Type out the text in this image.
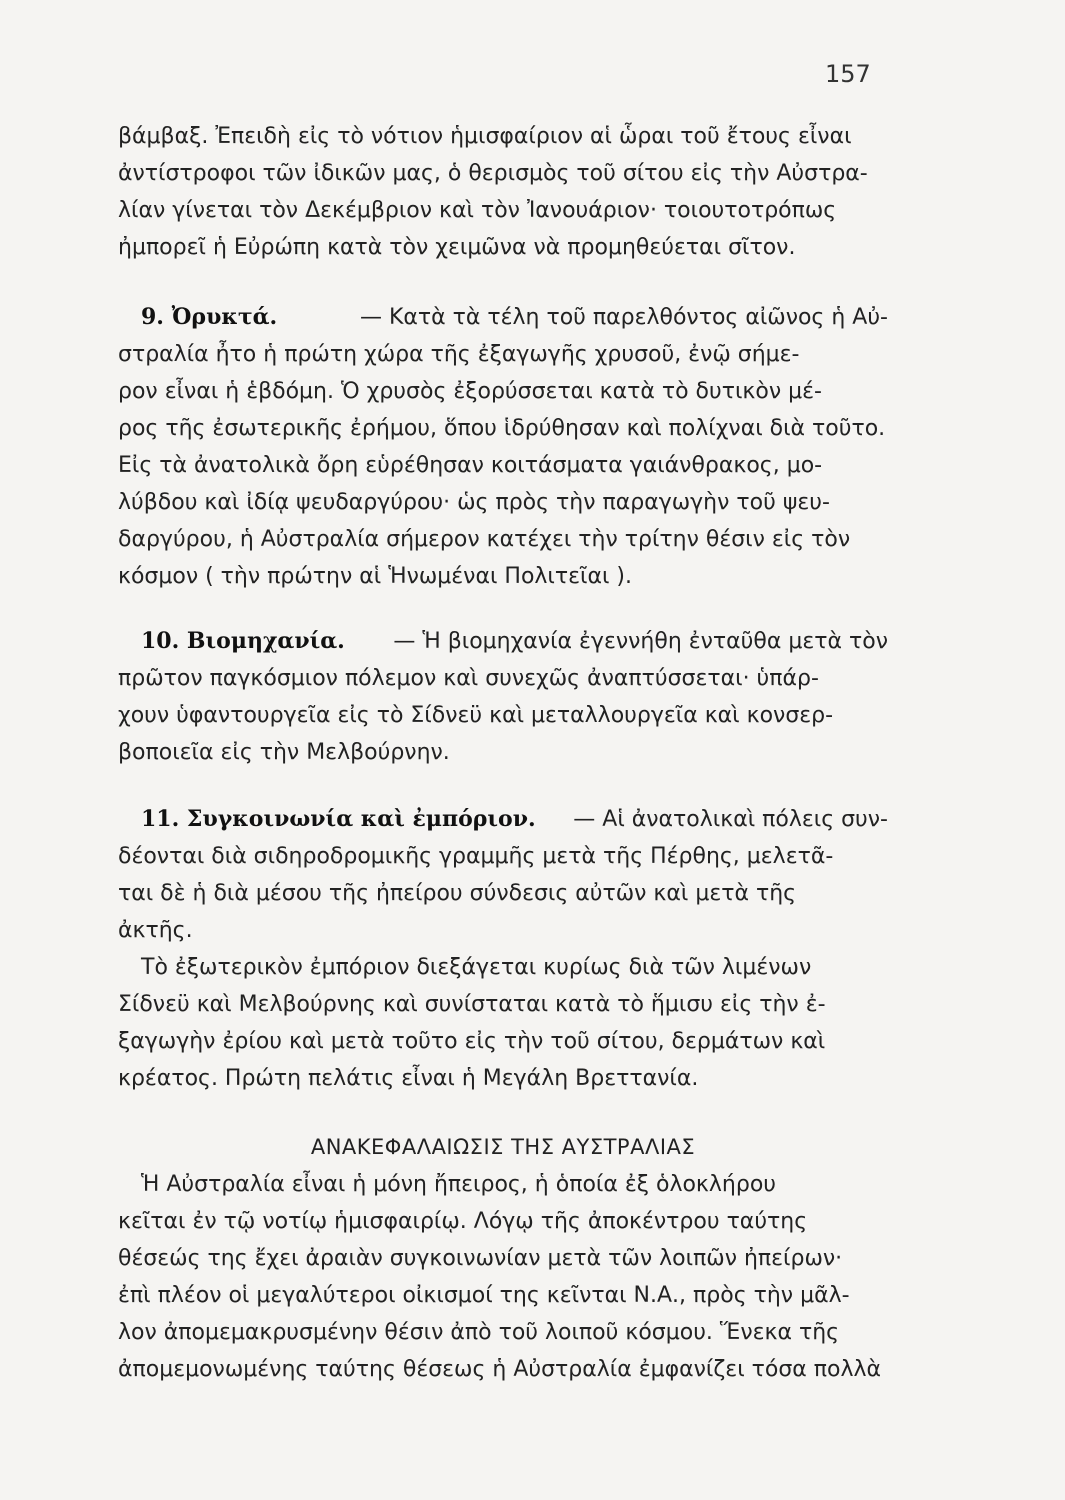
157
βάμβαξ. Ἐπειδὴ εἰς τὸ νότιον ἡμισφαίριον αἱ ὧραι τοῦ ἔτους εἶναι
ἀντίστροφοι τῶν ἰδικῶν μας, ὁ θερισμὸς τοῦ σίτου εἰς τὴν Αὐστρα-
λίαν γίνεται τὸν Δεκέμβριον καὶ τὸν Ἰανουάριον· τοιουτοτρόπως
ἠμπορεῖ ἡ Εὐρώπη κατὰ τὸν χειμῶνα νὰ προμηθεύεται σῖτον.
9. Ὀρυκτά.	— Κατὰ τὰ τέλη τοῦ παρελθόντος αἰῶνος ἡ Αὐ-
στραλία ἦτο ἡ πρώτη χώρα τῆς ἐξαγωγῆς χρυσοῦ, ἐνῷ σήμε-
ρον εἶναι ἡ ἑβδόμη. Ὁ χρυσὸς ἐξορύσσεται κατὰ τὸ δυτικὸν μέ-
ρος τῆς ἐσωτερικῆς ἐρήμου, ὅπου ἱδρύθησαν καὶ πολίχναι διὰ τοῦτο.
Εἰς τὰ ἀνατολικὰ ὄρη εὑρέθησαν κοιτάσματα γαιάνθρακος, μο-
λύβδου καὶ ἰδίᾳ ψευδαργύρου· ὡς πρὸς τὴν παραγωγὴν τοῦ ψευ-
δαργύρου, ἡ Αὐστραλία σήμερον κατέχει τὴν τρίτην θέσιν εἰς τὸν
κόσμον ( τὴν πρώτην αἱ Ἡνωμέναι Πολιτεῖαι ).
10. Βιομηχανία. — Ἡ βιομηχανία ἐγεννήθη ἐνταῦθα μετὰ τὸν
πρῶτον παγκόσμιον πόλεμον καὶ συνεχῶς ἀναπτύσσεται· ὑπάρ-
χουν ὑφαντουργεῖα εἰς τὸ Σίδνεϋ καὶ μεταλλουργεῖα καὶ κονσερ-
βοποιεῖα εἰς τὴν Μελβούρνην.
11. Συγκοινωνία καὶ ἐμπόριον. — Αἱ ἀνατολικαὶ πόλεις συν-
δέονται διὰ σιδηροδρομικῆς γραμμῆς μετὰ τῆς Πέρθης, μελετᾶ-
ται δὲ ἡ διὰ μέσου τῆς ἠπείρου σύνδεσις αὐτῶν καὶ μετὰ τῆς
ἀκτῆς.
Τὸ ἐξωτερικὸν ἐμπόριον διεξάγεται κυρίως διὰ τῶν λιμένων
Σίδνεϋ καὶ Μελβούρνης καὶ συνίσταται κατὰ τὸ ἥμισυ εἰς τὴν ἐ-
ξαγωγὴν ἐρίου καὶ μετὰ τοῦτο εἰς τὴν τοῦ σίτου, δερμάτων καὶ
κρέατος. Πρώτη πελάτις εἶναι ἡ Μεγάλη Βρεττανία.
ΑΝΑΚΕΦΑΛΑΙΩΣΙΣ ΤΗΣ ΑΥΣΤΡΑΛΙΑΣ
Ἡ Αὐστραλία εἶναι ἡ μόνη ἤπειρος, ἡ ὁποία ἐξ ὁλοκλήρου
κεῖται ἐν τῷ νοτίῳ ἡμισφαιρίῳ. Λόγῳ τῆς ἀποκέντρου ταύτης
θέσεώς της ἔχει ἀραιὰν συγκοινωνίαν μετὰ τῶν λοιπῶν ἠπείρων·
ἐπὶ πλέον οἱ μεγαλύτεροι οἰκισμοί της κεῖνται Ν.Α., πρὸς τὴν μᾶλ-
λον ἀπομεμακρυσμένην θέσιν ἀπὸ τοῦ λοιποῦ κόσμου. Ἕνεκα τῆς
ἀπομεμονωμένης ταύτης θέσεως ἡ Αὐστραλία ἐμφανίζει τόσα πολλὰ
